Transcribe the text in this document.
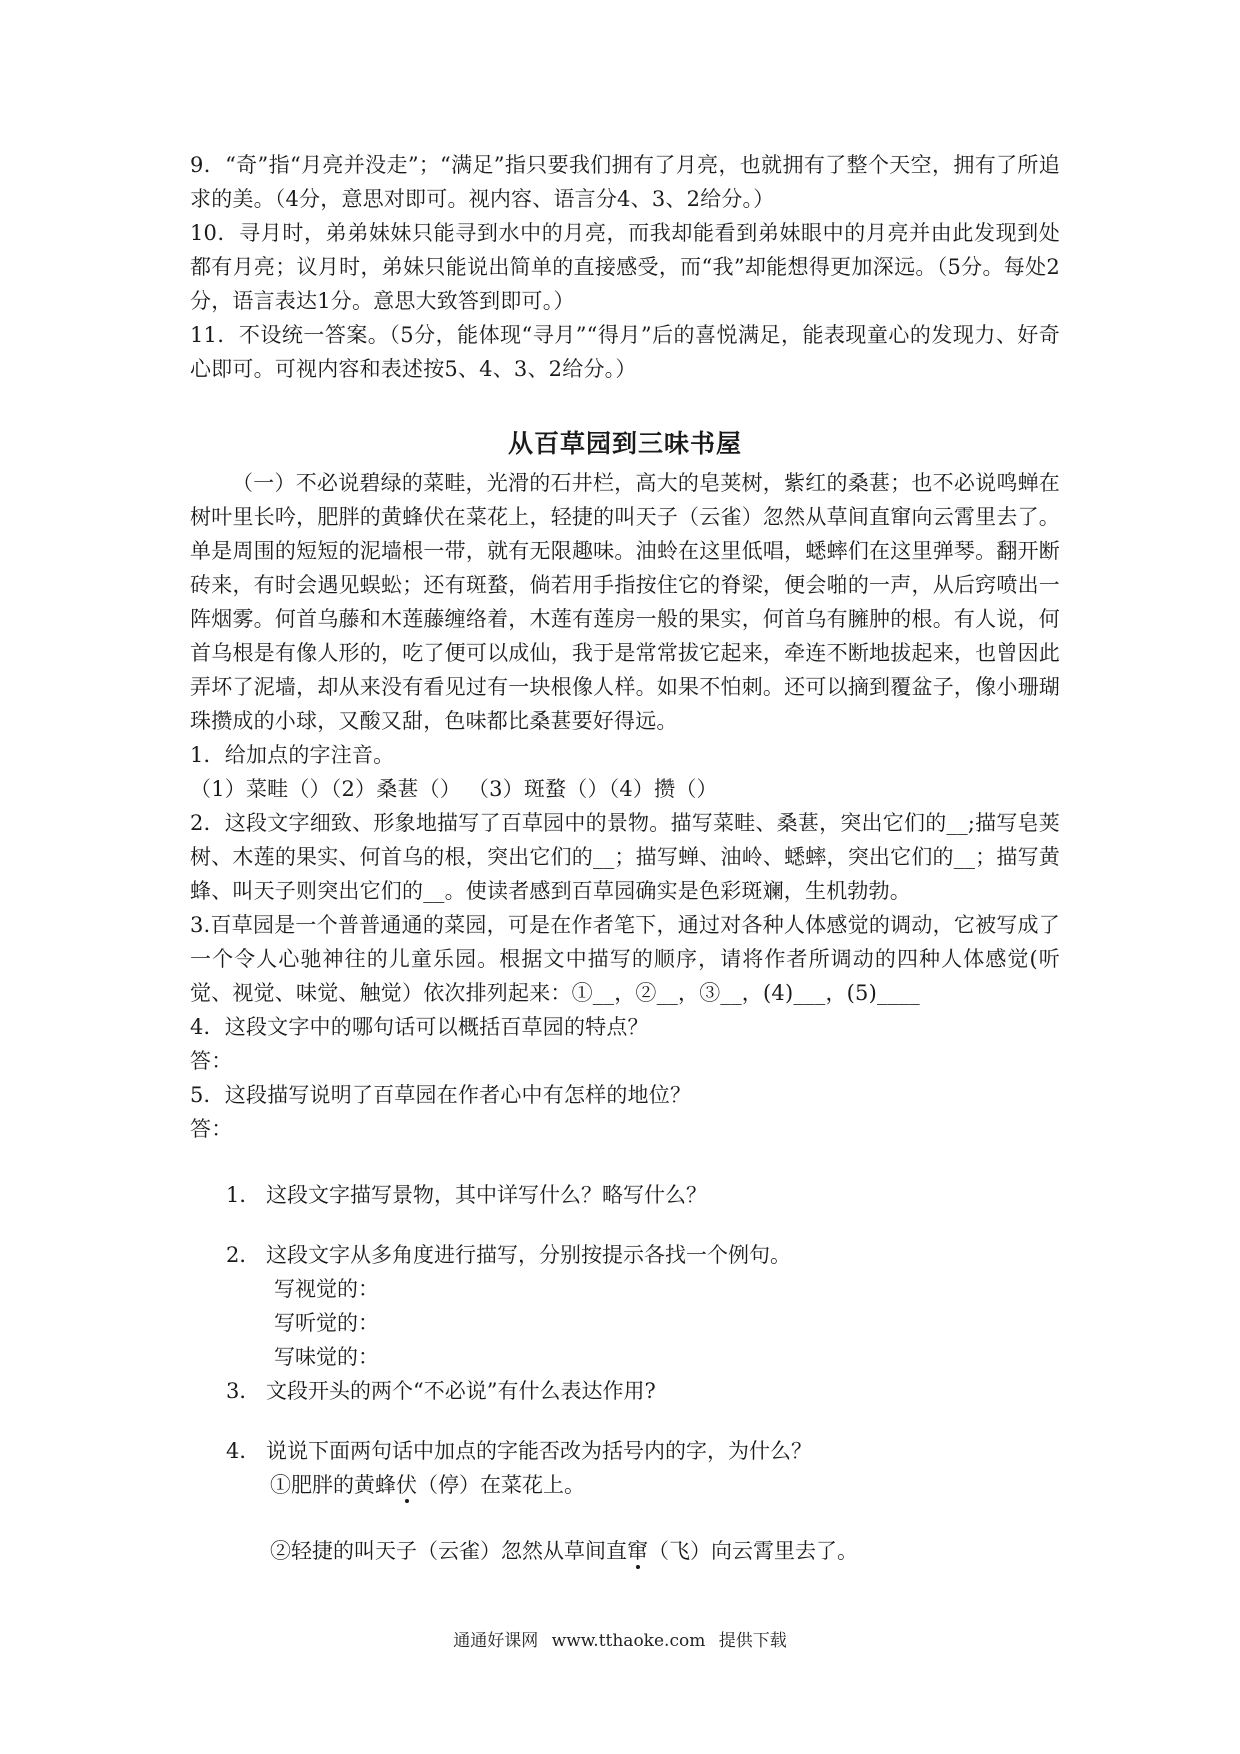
9．“奇”指“月亮并没走”；“满足”指只要我们拥有了月亮，也就拥有了整个天空，拥有了所追求的美。（4分，意思对即可。视内容、语言分4、3、2给分。）

10．寻月时，弟弟妹妹只能寻到水中的月亮，而我却能看到弟妹眼中的月亮并由此发现到处都有月亮；议月时，弟妹只能说出简单的直接感受，而“我”却能想得更加深远。（5分。每处2分，语言表达1分。意思大致答到即可。）

11．不设统一答案。（5分，能体现“寻月”“得月”后的喜悦满足，能表现童心的发现力、好奇心即可。可视内容和表述按5、4、3、2给分。）

从百草园到三味书屋

（一）不必说碧绿的菜畦，光滑的石井栏，高大的皂荚树，紫红的桑葚；也不必说鸣蝉在树叶里长吟，肥胖的黄蜂伏在菜花上，轻捷的叫天子（云雀）忽然从草间直窜向云霄里去了。单是周围的短短的泥墙根一带，就有无限趣味。油蛉在这里低唱，蟋蟀们在这里弹琴。翻开断砖来，有时会遇见蜈蚣；还有斑蝥，倘若用手指按住它的脊梁，便会啪的一声，从后窍喷出一阵烟雾。何首乌藤和木莲藤缠络着，木莲有莲房一般的果实，何首乌有臃肿的根。有人说，何首乌根是有像人形的，吃了便可以成仙，我于是常常拔它起来，牵连不断地拔起来，也曾因此弄坏了泥墙，却从来没有看见过有一块根像人样。如果不怕刺。还可以摘到覆盆子，像小珊瑚珠攒成的小球，又酸又甜，色味都比桑葚要好得远。

1．给加点的字注音。

（1）菜畦（）（2）桑葚（） （3）斑蝥（）（4）攒（）

2．这段文字细致、形象地描写了百草园中的景物。描写菜畦、桑葚，突出它们的__;描写皂荚树、木莲的果实、何首乌的根，突出它们的__；描写蝉、油岭、蟋蟀，突出它们的__；描写黄蜂、叫天子则突出它们的__。使读者感到百草园确实是色彩斑斓，生机勃勃。

3.百草园是一个普普通通的菜园，可是在作者笔下，通过对各种人体感觉的调动，它被写成了一个令人心驰神往的儿童乐园。根据文中描写的顺序，请将作者所调动的四种人体感觉(听觉、视觉、味觉、触觉）依次排列起来：①__，②__，③__，(4)___，(5)____

4．这段文字中的哪句话可以概括百草园的特点？

答：

5．这段描写说明了百草园在作者心中有怎样的地位？

答：

1． 这段文字描写景物，其中详写什么？略写什么？
2． 这段文字从多角度进行描写，分别按提示各找一个例句。

写视觉的：

写听觉的：

写味觉的：

3． 文段开头的两个“不必说”有什么表达作用?
4． 说说下面两句话中加点的字能否改为括号内的字，为什么？

①肥胖的黄蜂伏（停）在菜花上。

②轻捷的叫天子（云雀）忽然从草间直窜（飞）向云霄里去了。

通通好课网 www.tthaoke.com 提供下载
